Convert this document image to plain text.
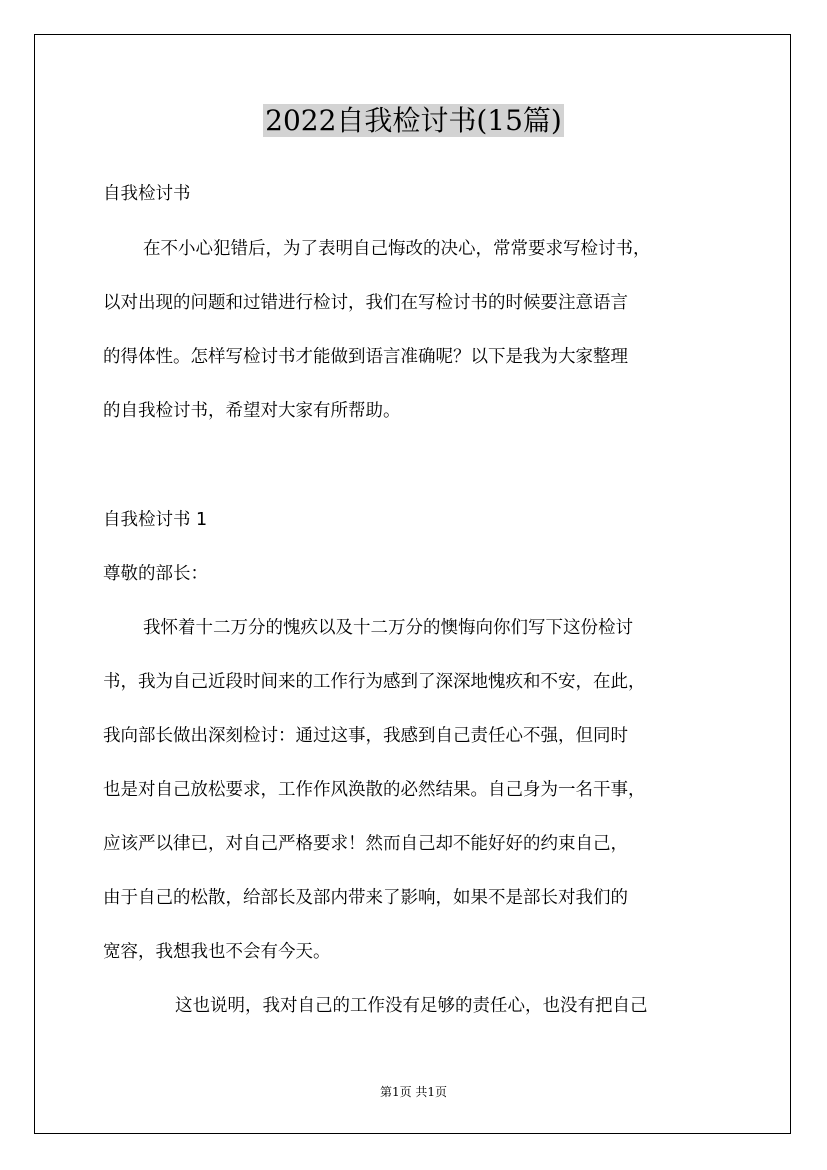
2022自我检讨书(15篇)
自我检讨书
在不小心犯错后，为了表明自己悔改的决心，常常要求写检讨书，
以对出现的问题和过错进行检讨，我们在写检讨书的时候要注意语言
的得体性。怎样写检讨书才能做到语言准确呢？以下是我为大家整理
的自我检讨书，希望对大家有所帮助。
自我检讨书 1
尊敬的部长：
我怀着十二万分的愧疚以及十二万分的懊悔向你们写下这份检讨
书，我为自己近段时间来的工作行为感到了深深地愧疚和不安，在此，
我向部长做出深刻检讨：通过这事，我感到自己责任心不强，但同时
也是对自己放松要求，工作作风涣散的必然结果。自己身为一名干事，
应该严以律已，对自己严格要求！然而自己却不能好好的约束自己，
由于自己的松散，给部长及部内带来了影响，如果不是部长对我们的
宽容，我想我也不会有今天。
这也说明，我对自己的工作没有足够的责任心，也没有把自己
第1页 共1页
